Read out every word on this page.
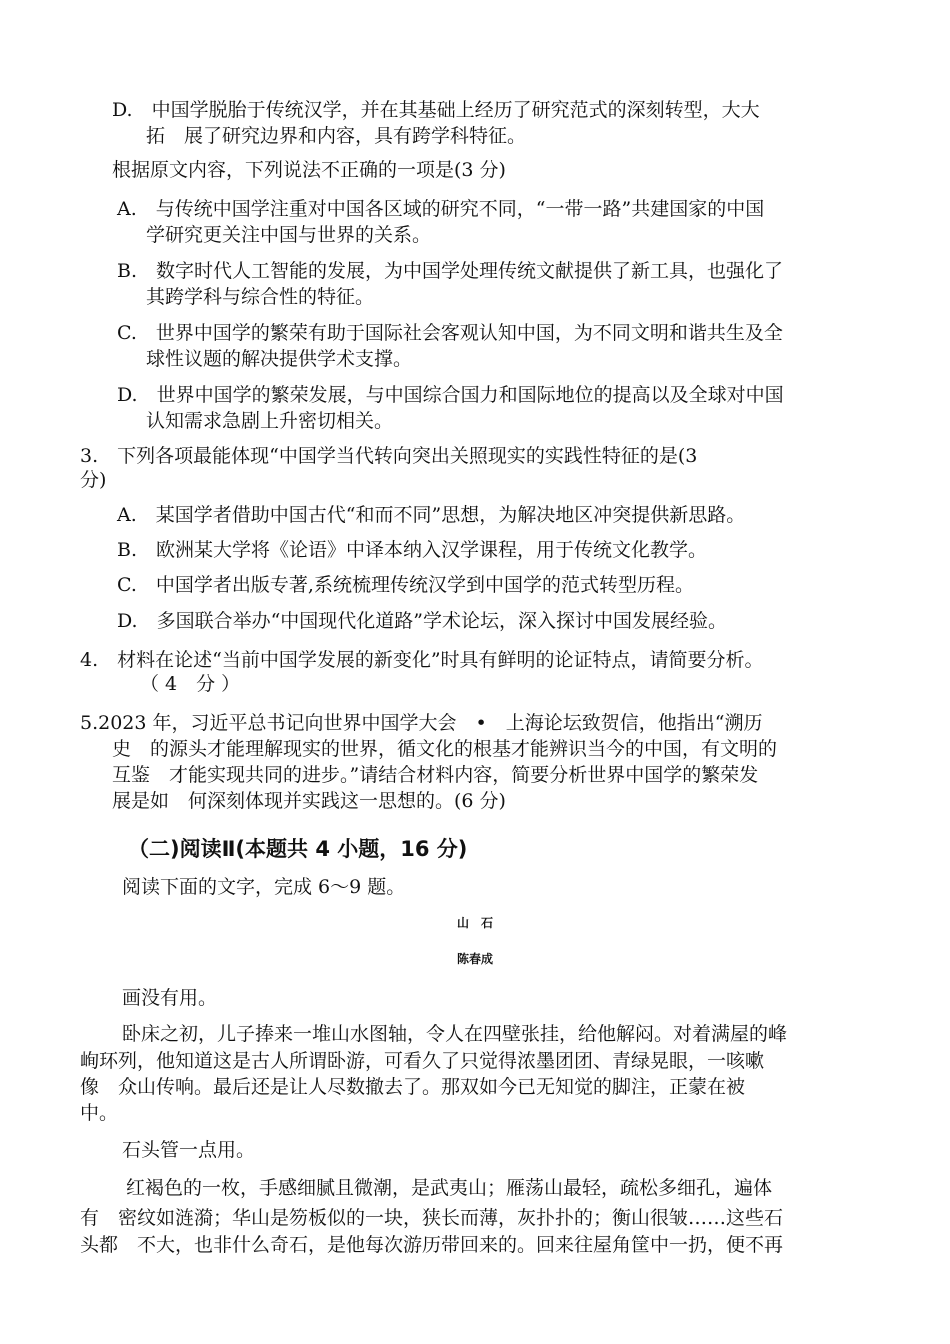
D.　中国学脱胎于传统汉学，并在其基础上经历了研究范式的深刻转型，大大
拓　展了研究边界和内容，具有跨学科特征。
根据原文内容，下列说法不正确的一项是(3 分)
A.　与传统中国学注重对中国各区域的研究不同，“一带一路”共建国家的中国
学研究更关注中国与世界的关系。
B.　数字时代人工智能的发展，为中国学处理传统文献提供了新工具，也强化了
其跨学科与综合性的特征。
C.　世界中国学的繁荣有助于国际社会客观认知中国，为不同文明和谐共生及全
球性议题的解决提供学术支撑。
D.　世界中国学的繁荣发展，与中国综合国力和国际地位的提高以及全球对中国
认知需求急剧上升密切相关。
3.　下列各项最能体现“中国学当代转向突出关照现实的实践性特征的是(3
分)
A.　某国学者借助中国古代“和而不同”思想，为解决地区冲突提供新思路。
B.　欧洲某大学将《论语》中译本纳入汉学课程，用于传统文化教学。
C.　中国学者出版专著,系统梳理传统汉学到中国学的范式转型历程。
D.　多国联合举办“中国现代化道路”学术论坛，深入探讨中国发展经验。
4.　材料在论述“当前中国学发展的新变化”时具有鲜明的论证特点，请简要分析。
（ 4　分 ）
5.2023 年，习近平总书记向世界中国学大会　•　上海论坛致贺信，他指出“溯历
史　的源头才能理解现实的世界，循文化的根基才能辨识当今的中国，有文明的
互鉴　才能实现共同的进步。”请结合材料内容，简要分析世界中国学的繁荣发
展是如　何深刻体现并实践这一思想的。(6 分)
（二)阅读Ⅱ(本题共 4 小题，16 分)
阅读下面的文字，完成 6～9 题。
山　石
陈春成
画没有用。
卧床之初，儿子捧来一堆山水图轴，令人在四壁张挂，给他解闷。对着满屋的峰
峋环列，他知道这是古人所谓卧游，可看久了只觉得浓墨团团、青绿晃眼，一咳嗽
像　众山传响。最后还是让人尽数撤去了。那双如今已无知觉的脚注，正蒙在被
中。
石头管一点用。
红褐色的一枚，手感细腻且微潮，是武夷山；雁荡山最轻，疏松多细孔，遍体
有　密纹如涟漪；华山是笏板似的一块，狭长而薄，灰扑扑的；衡山很皱……这些石
头都　不大，也非什么奇石，是他每次游历带回来的。回来往屋角筐中一扔，便不再
